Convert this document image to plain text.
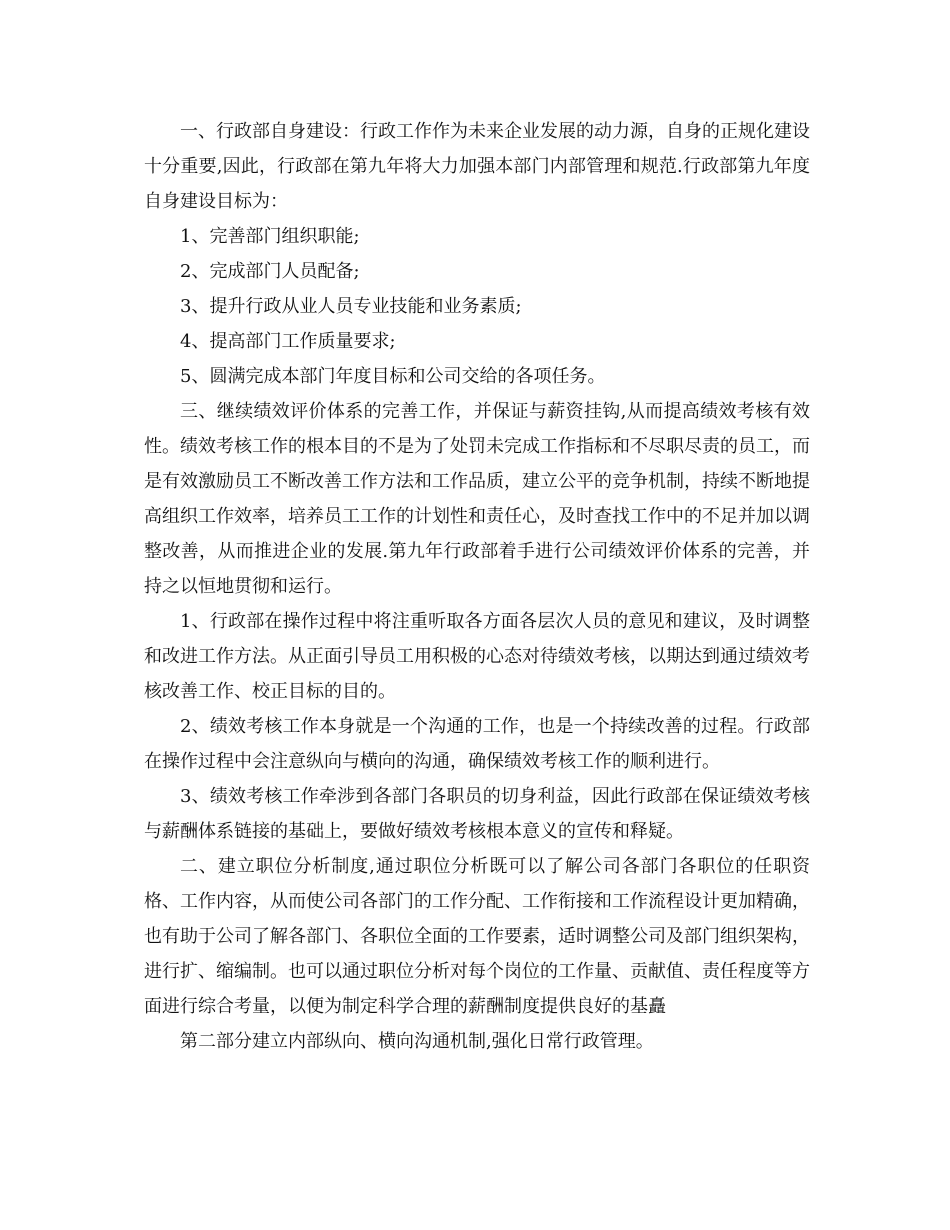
一、行政部自身建设：行政工作作为未来企业发展的动力源，自身的正规化建设十分重要,因此，行政部在第九年将大力加强本部门内部管理和规范.行政部第九年度自身建设目标为：

1、完善部门组织职能;

2、完成部门人员配备;

3、提升行政从业人员专业技能和业务素质;

4、提高部门工作质量要求;

5、圆满完成本部门年度目标和公司交给的各项任务。

三、继续绩效评价体系的完善工作，并保证与薪资挂钩,从而提高绩效考核有效性。绩效考核工作的根本目的不是为了处罚未完成工作指标和不尽职尽责的员工，而是有效激励员工不断改善工作方法和工作品质，建立公平的竞争机制，持续不断地提高组织工作效率，培养员工工作的计划性和责任心，及时查找工作中的不足并加以调整改善，从而推进企业的发展.第九年行政部着手进行公司绩效评价体系的完善，并持之以恒地贯彻和运行。

1、行政部在操作过程中将注重听取各方面各层次人员的意见和建议，及时调整和改进工作方法。从正面引导员工用积极的心态对待绩效考核，以期达到通过绩效考核改善工作、校正目标的目的。

2、绩效考核工作本身就是一个沟通的工作，也是一个持续改善的过程。行政部在操作过程中会注意纵向与横向的沟通，确保绩效考核工作的顺利进行。

3、绩效考核工作牵涉到各部门各职员的切身利益，因此行政部在保证绩效考核与薪酬体系链接的基础上，要做好绩效考核根本意义的宣传和释疑。

二、建立职位分析制度,通过职位分析既可以了解公司各部门各职位的任职资格、工作内容，从而使公司各部门的工作分配、工作衔接和工作流程设计更加精确，也有助于公司了解各部门、各职位全面的工作要素，适时调整公司及部门组织架构，进行扩、缩编制。也可以通过职位分析对每个岗位的工作量、贡献值、责任程度等方面进行综合考量，以便为制定科学合理的薪酬制度提供良好的基矗

第二部分建立内部纵向、横向沟通机制,强化日常行政管理。
